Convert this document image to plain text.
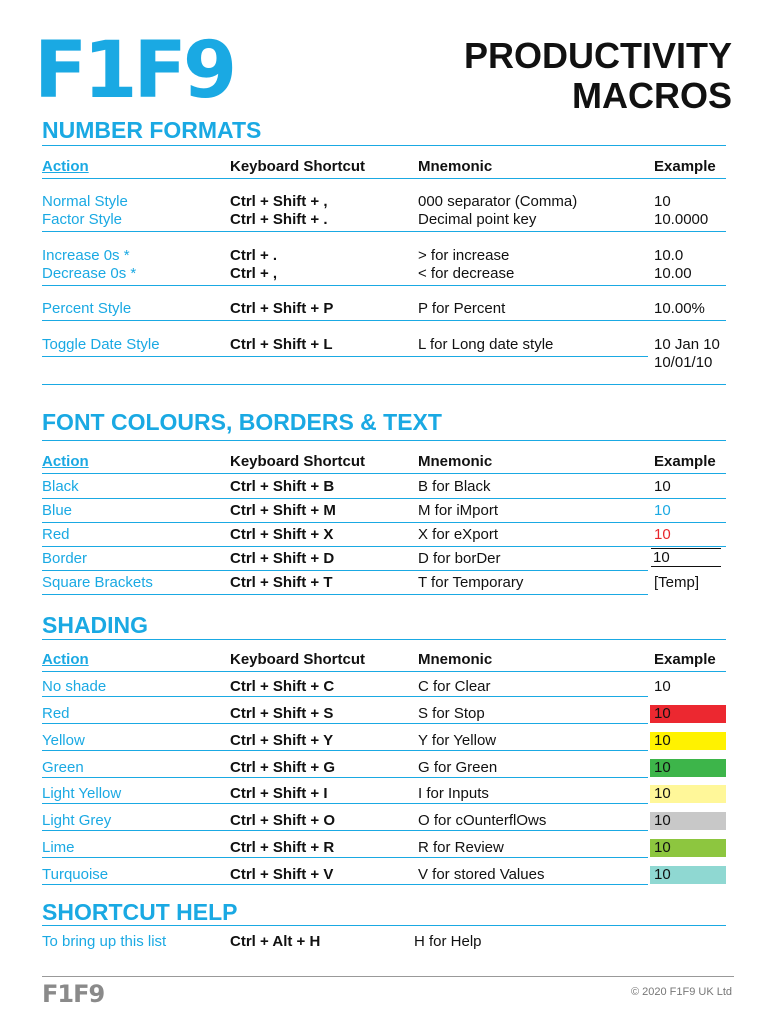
F1F9	PRODUCTIVITY
MACROS
NUMBER FORMATS
Action	Keyboard Shortcut	Mnemonic	Example
Normal Style	Ctrl + Shift + ,	000 separator (Comma)	10
Factor Style	Ctrl + Shift + .	Decimal point key	10.0000
Increase 0s *	Ctrl + .	> for increase	10.0
Decrease 0s *	Ctrl + ,	< for decrease	10.00
Percent Style	Ctrl + Shift + P	P for Percent	10.00%
Toggle Date Style	Ctrl + Shift + L	L for Long date style	10 Jan 10
10/01/10
FONT COLOURS, BORDERS & TEXT
Action	Keyboard Shortcut	Mnemonic	Example
Black	Ctrl + Shift + B	B for Black	10
Blue	Ctrl + Shift + M	M for iMport	10
Red	Ctrl + Shift + X	X for eXport	10
Border	Ctrl + Shift + D	D for borDer	10
Square Brackets	Ctrl + Shift + T	T for Temporary	[Temp]
SHADING
Action	Keyboard Shortcut	Mnemonic	Example
No shade	Ctrl + Shift + C	C for Clear	10
Red	Ctrl + Shift + S	S for Stop	10
Yellow	Ctrl + Shift + Y	Y for Yellow	10
Green	Ctrl + Shift + G	G for Green	10
Light Yellow	Ctrl + Shift + I	I for Inputs	10
Light Grey	Ctrl + Shift + O	O for cOunterflOws	10
Lime	Ctrl + Shift + R	R for Review	10
Turquoise	Ctrl + Shift + V	V for stored Values	10
SHORTCUT HELP
To bring up this list	Ctrl + Alt + H	H for Help
F1F9	© 2020 F1F9 UK Ltd
